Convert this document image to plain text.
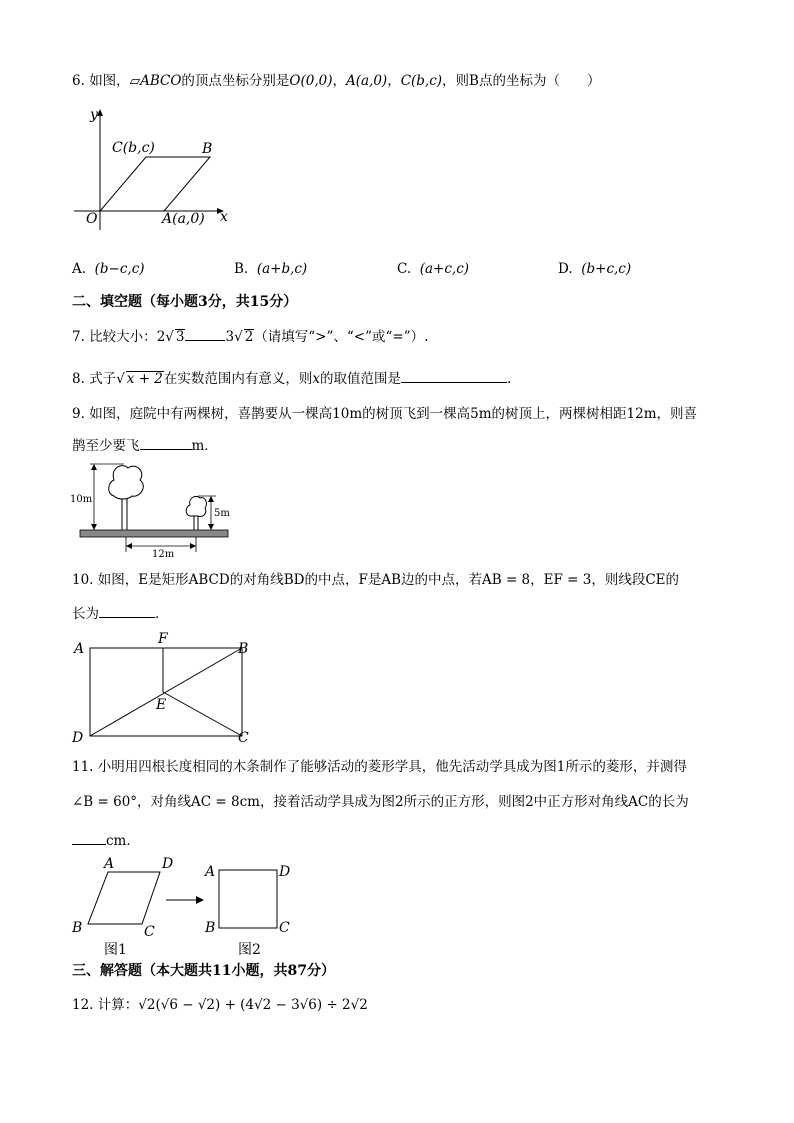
6. 如图，▱ABCO的顶点坐标分别是O(0,0)，A(a,0)，C(b,c)，则B点的坐标为（　　）
y
x
O
C(b,c)	B
A(a,0)
A. (b−c,c)	B. (a+b,c)	C. (a+c,c)	D. (b+c,c)
二、填空题（每小题3分，共15分）
7. 比较大小：2√ 3	3√ 2（请填写“>”、“<”或“=”）.
8. 式子√ x + 2在实数范围内有意义，则x的取值范围是	.
9. 如图，庭院中有两棵树，喜鹊要从一棵高10m的树顶飞到一棵高5m的树顶上，两棵树相距12m，则喜
鹊至少要飞	m．
10m
5m
12m
10. 如图，E是矩形ABCD的对角线BD的中点，F是AB边的中点，若AB = 8，EF = 3，则线段CE的
长为	．
A
F
B
E
D	C
11. 小明用四根长度相同的木条制作了能够活动的菱形学具，他先活动学具成为图1所示的菱形，并测得
∠B = 60°，对角线AC = 8cm，接着活动学具成为图2所示的正方形，则图2中正方形对角线AC的长为
cm．
A	D
B	C
图1
A	D
B	C
图2
三、解答题（本大题共11小题，共87分）
12. 计算：√2(√6 − √2) + (4√2 − 3√6) ÷ 2√2
